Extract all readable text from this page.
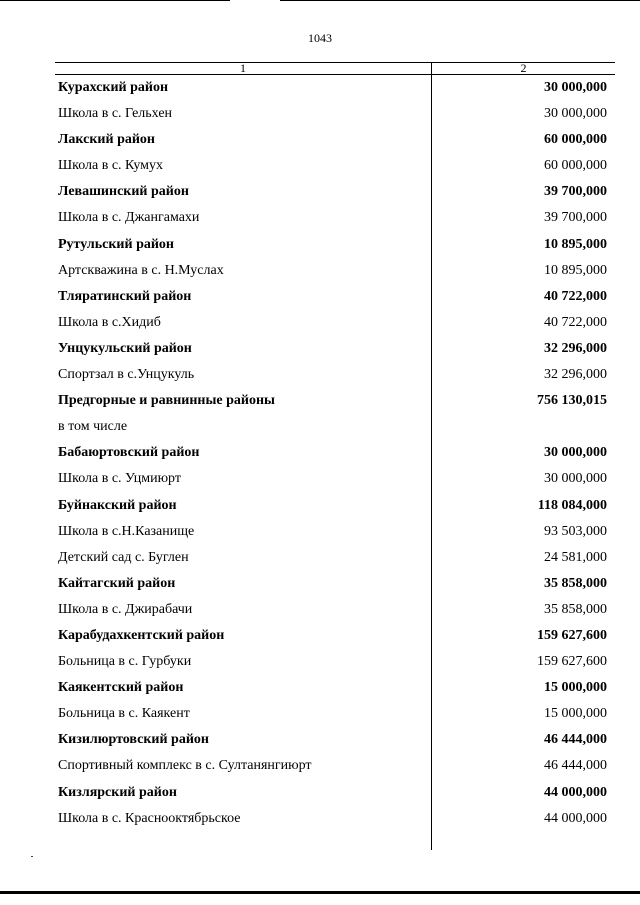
1043
1	2
Курахский район	30 000,000
Школа в с. Гельхен	30 000,000
Лакский район	60 000,000
Школа в с. Кумух	60 000,000
Левашинский район	39 700,000
Школа в с. Джангамахи	39 700,000
Рутульский район	10 895,000
Артскважина в с. Н.Муслах	10 895,000
Тляратинский район	40 722,000
Школа в с.Хидиб	40 722,000
Унцукульский район	32 296,000
Спортзал в с.Унцукуль	32 296,000
Предгорные и равнинные районы	756 130,015
в том числе
Бабаюртовский район	30 000,000
Школа в с. Уцмиюрт	30 000,000
Буйнакский район	118 084,000
Школа в с.Н.Казанище	93 503,000
Детский сад с. Буглен	24 581,000
Кайтагский район	35 858,000
Школа в с. Джирабачи	35 858,000
Карабудахкентский район	159 627,600
Больница в с. Гурбуки	159 627,600
Каякентский район	15 000,000
Больница в с. Каякент	15 000,000
Кизилюртовский район	46 444,000
Спортивный комплекс в с. Султанянгиюрт	46 444,000
Кизлярский район	44 000,000
Школа в с. Краснооктябрьское	44 000,000
